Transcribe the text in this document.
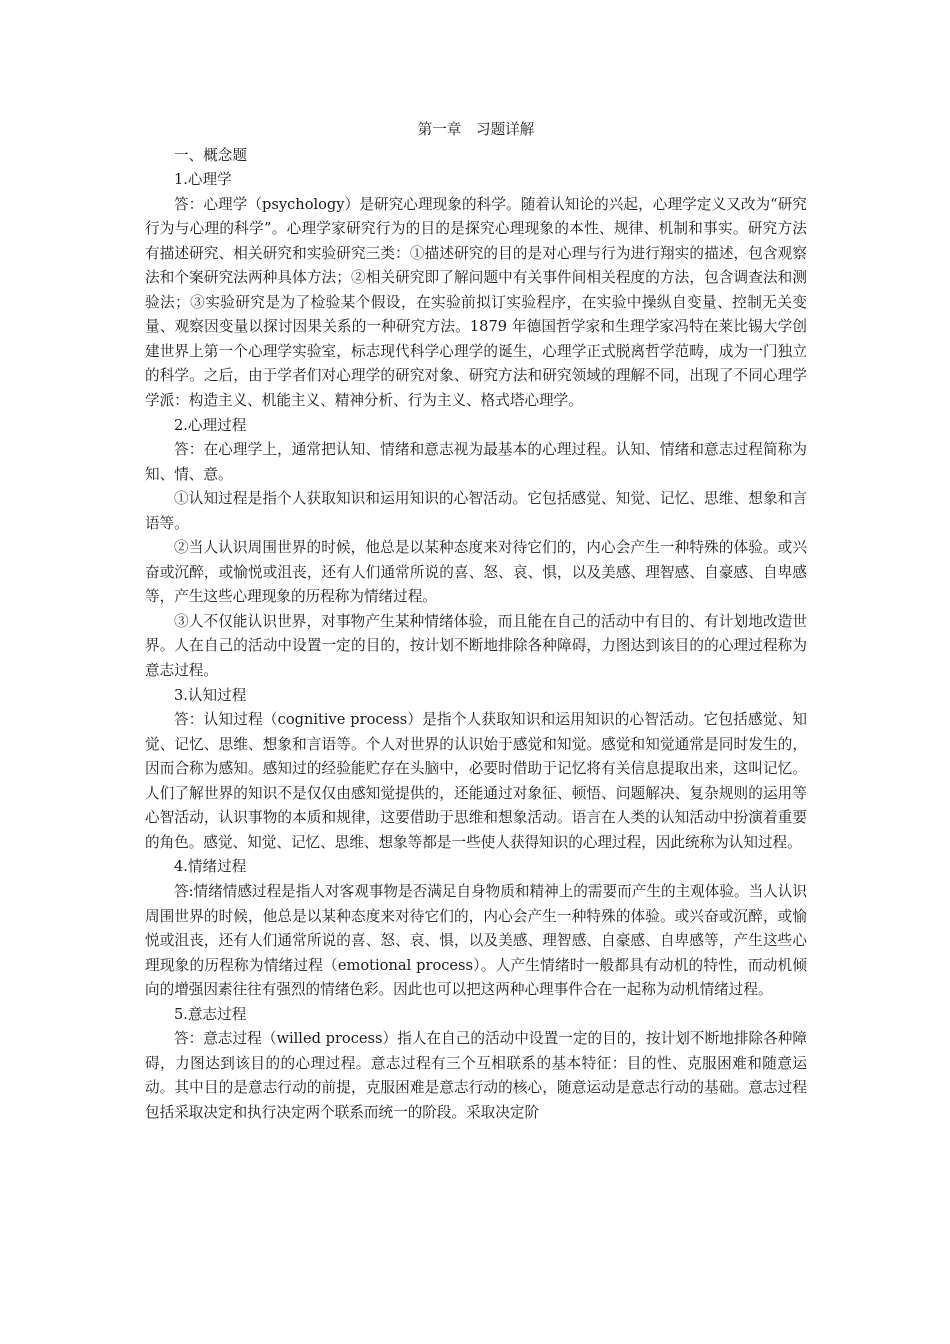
第一章　习题详解

一、概念题

1.心理学

答：心理学（psychology）是研究心理现象的科学。随着认知论的兴起，心理学定义又改为“研究行为与心理的科学”。心理学家研究行为的目的是探究心理现象的本性、规律、机制和事实。研究方法有描述研究、相关研究和实验研究三类：①描述研究的目的是对心理与行为进行翔实的描述，包含观察法和个案研究法两种具体方法；②相关研究即了解问题中有关事件间相关程度的方法，包含调查法和测验法；③实验研究是为了检验某个假设，在实验前拟订实验程序，在实验中操纵自变量、控制无关变量、观察因变量以探讨因果关系的一种研究方法。1879 年德国哲学家和生理学家冯特在莱比锡大学创建世界上第一个心理学实验室，标志现代科学心理学的诞生，心理学正式脱离哲学范畴，成为一门独立的科学。之后，由于学者们对心理学的研究对象、研究方法和研究领域的理解不同，出现了不同心理学学派：构造主义、机能主义、精神分析、行为主义、格式塔心理学。

2.心理过程

答：在心理学上，通常把认知、情绪和意志视为最基本的心理过程。认知、情绪和意志过程简称为知、情、意。

①认知过程是指个人获取知识和运用知识的心智活动。它包括感觉、知觉、记忆、思维、想象和言语等。

②当人认识周围世界的时候，他总是以某种态度来对待它们的，内心会产生一种特殊的体验。或兴奋或沉醉，或愉悦或沮丧，还有人们通常所说的喜、怒、哀、惧，以及美感、理智感、自豪感、自卑感等，产生这些心理现象的历程称为情绪过程。

③人不仅能认识世界，对事物产生某种情绪体验，而且能在自己的活动中有目的、有计划地改造世界。人在自己的活动中设置一定的目的，按计划不断地排除各种障碍，力图达到该目的的心理过程称为意志过程。

3.认知过程

答：认知过程（cognitive process）是指个人获取知识和运用知识的心智活动。它包括感觉、知觉、记忆、思维、想象和言语等。个人对世界的认识始于感觉和知觉。感觉和知觉通常是同时发生的，因而合称为感知。感知过的经验能贮存在头脑中，必要时借助于记忆将有关信息提取出来，这叫记忆。人们了解世界的知识不是仅仅由感知觉提供的，还能通过对象征、顿悟、问题解决、复杂规则的运用等心智活动，认识事物的本质和规律，这要借助于思维和想象活动。语言在人类的认知活动中扮演着重要的角色。感觉、知觉、记忆、思维、想象等都是一些使人获得知识的心理过程，因此统称为认知过程。

4.情绪过程

答:情绪情感过程是指人对客观事物是否满足自身物质和精神上的需要而产生的主观体验。当人认识周围世界的时候，他总是以某种态度来对待它们的，内心会产生一种特殊的体验。或兴奋或沉醉，或愉悦或沮丧，还有人们通常所说的喜、怒、哀、惧，以及美感、理智感、自豪感、自卑感等，产生这些心理现象的历程称为情绪过程（emotional process）。人产生情绪时一般都具有动机的特性，而动机倾向的增强因素往往有强烈的情绪色彩。因此也可以把这两种心理事件合在一起称为动机情绪过程。

5.意志过程

答：意志过程（willed process）指人在自己的活动中设置一定的目的，按计划不断地排除各种障碍，力图达到该目的的心理过程。意志过程有三个互相联系的基本特征：目的性、克服困难和随意运动。其中目的是意志行动的前提，克服困难是意志行动的核心，随意运动是意志行动的基础。意志过程包括采取决定和执行决定两个联系而统一的阶段。采取决定阶
